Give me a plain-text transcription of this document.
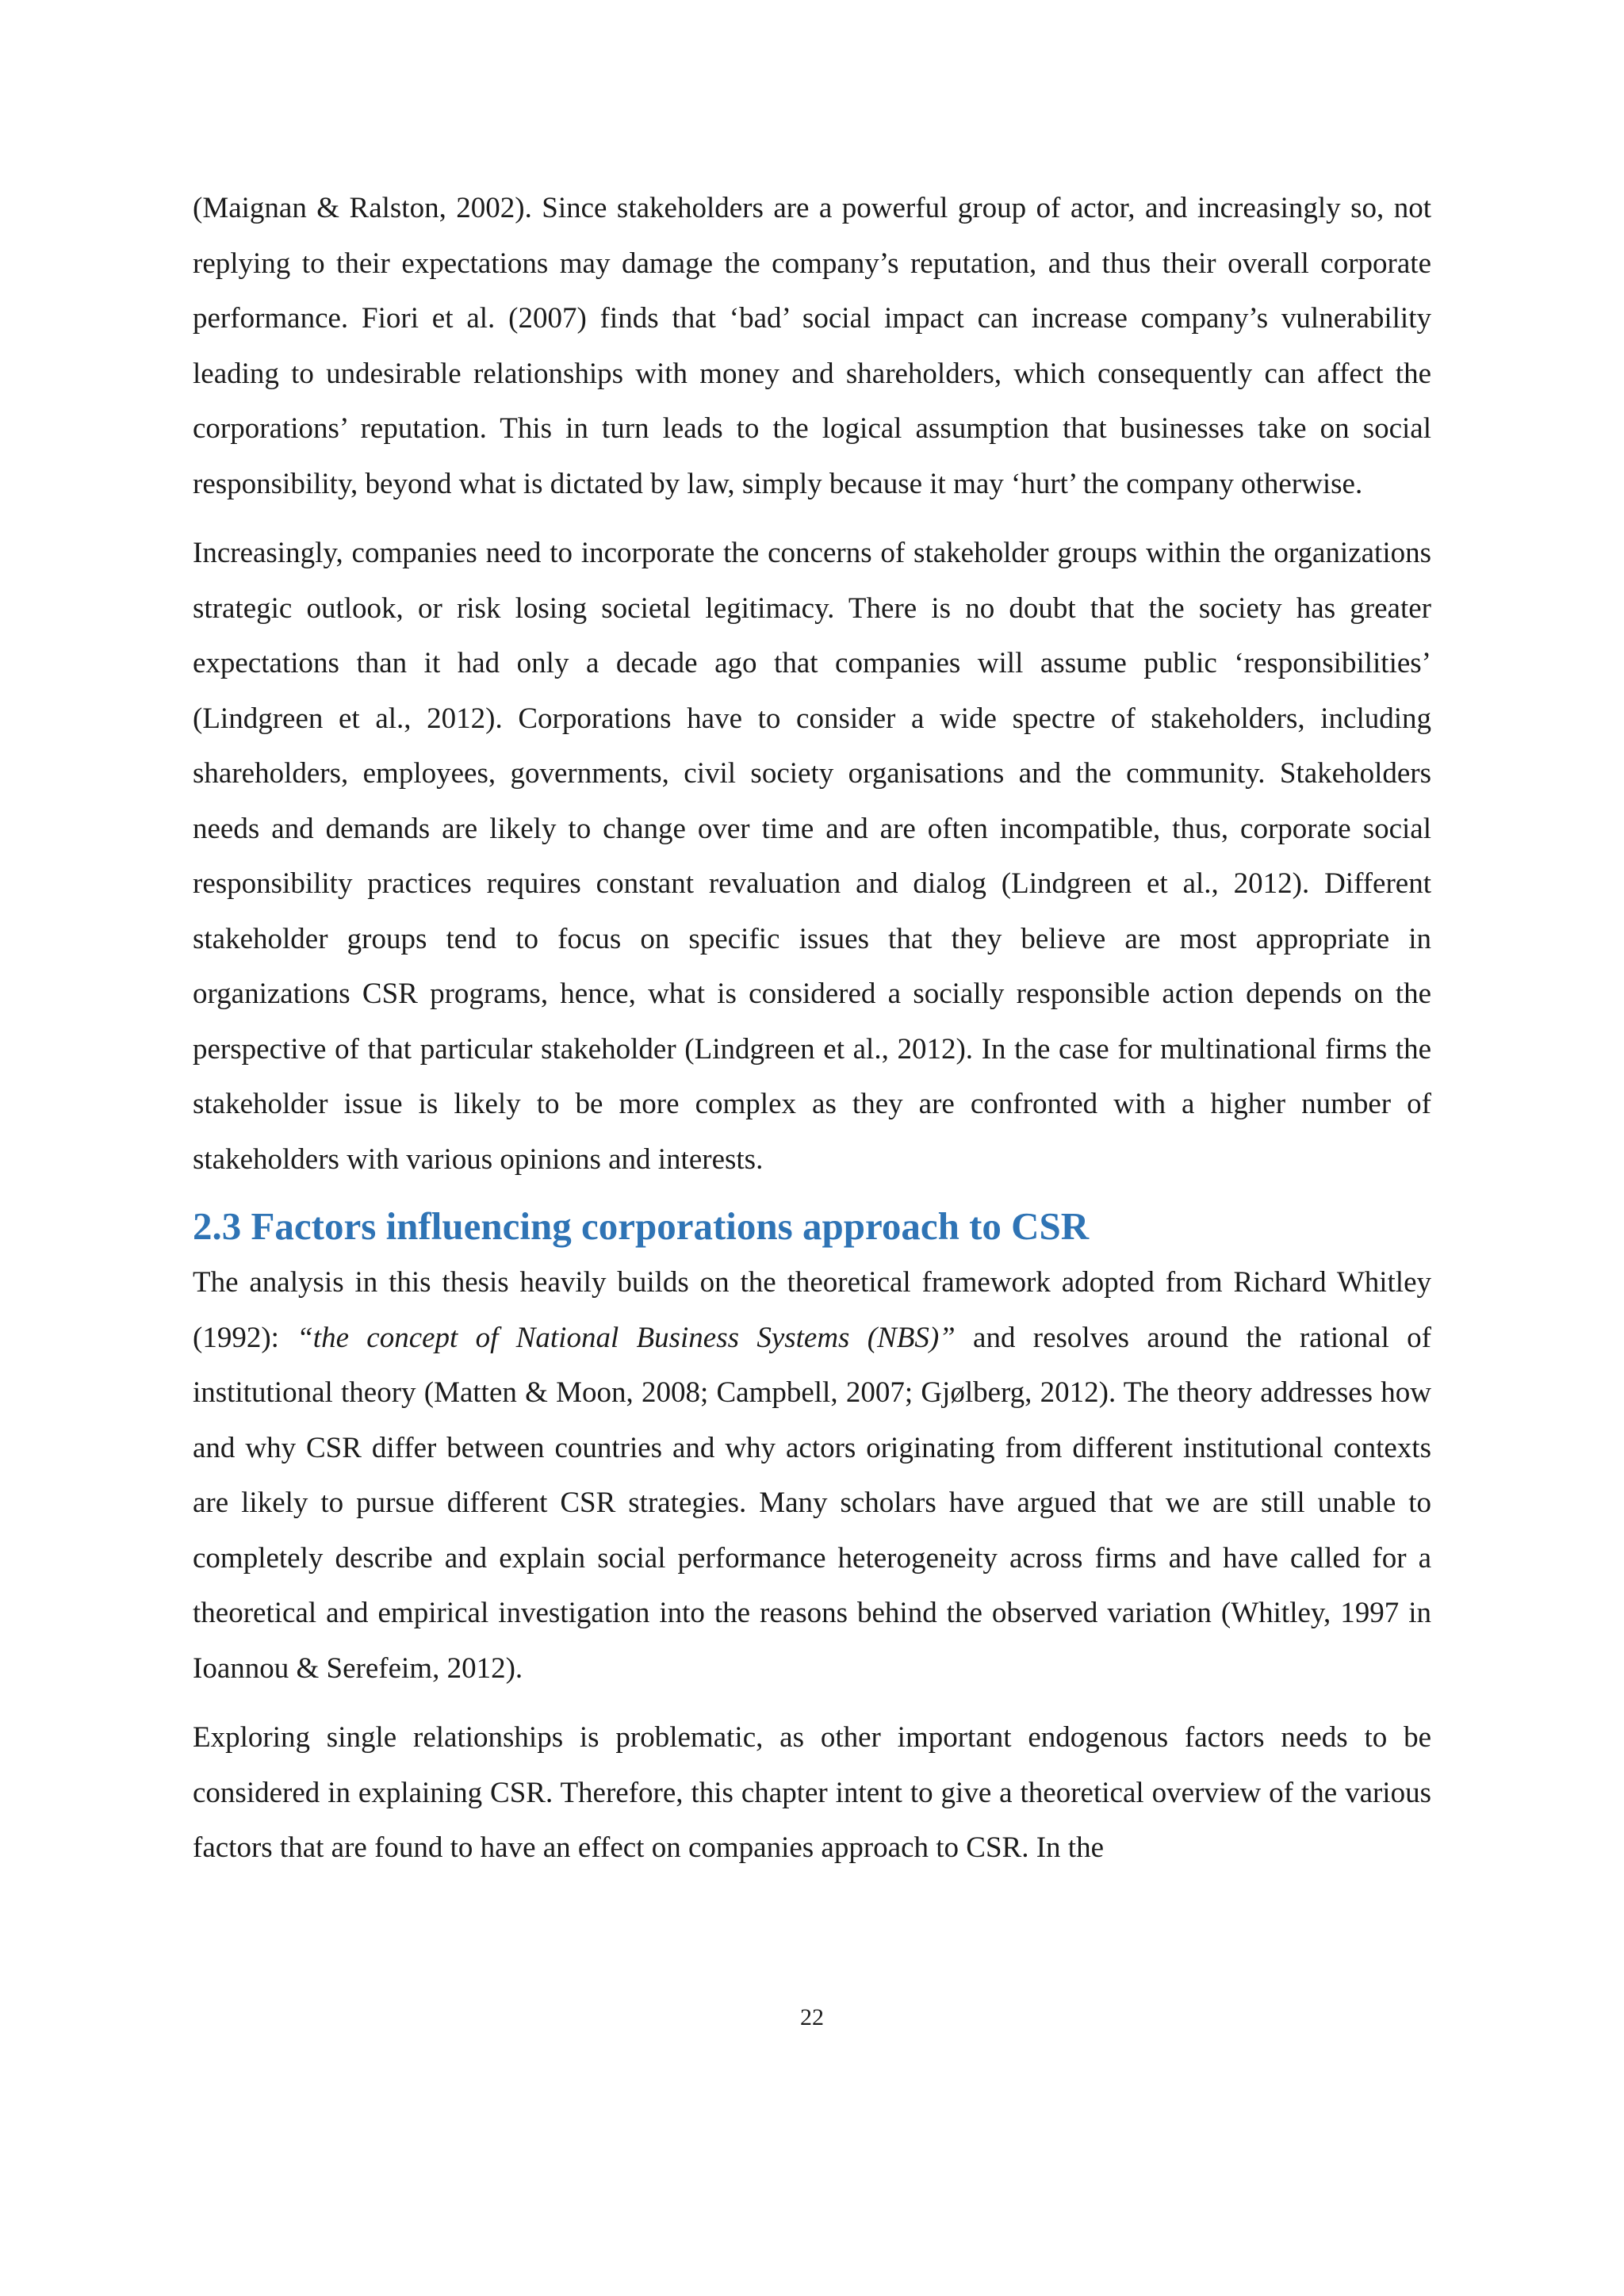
(Maignan & Ralston, 2002). Since stakeholders are a powerful group of actor, and increasingly so, not replying to their expectations may damage the company’s reputation, and thus their overall corporate performance. Fiori et al. (2007) finds that ‘bad’ social impact can increase company’s vulnerability leading to undesirable relationships with money and shareholders, which consequently can affect the corporations’ reputation. This in turn leads to the logical assumption that businesses take on social responsibility, beyond what is dictated by law, simply because it may ‘hurt’ the company otherwise.

Increasingly, companies need to incorporate the concerns of stakeholder groups within the organizations strategic outlook, or risk losing societal legitimacy. There is no doubt that the society has greater expectations than it had only a decade ago that companies will assume public ‘responsibilities’ (Lindgreen et al., 2012). Corporations have to consider a wide spectre of stakeholders, including shareholders, employees, governments, civil society organisations and the community. Stakeholders needs and demands are likely to change over time and are often incompatible, thus, corporate social responsibility practices requires constant revaluation and dialog (Lindgreen et al., 2012). Different stakeholder groups tend to focus on specific issues that they believe are most appropriate in organizations CSR programs, hence, what is considered a socially responsible action depends on the perspective of that particular stakeholder (Lindgreen et al., 2012). In the case for multinational firms the stakeholder issue is likely to be more complex as they are confronted with a higher number of stakeholders with various opinions and interests.

2.3 Factors influencing corporations approach to CSR

The analysis in this thesis heavily builds on the theoretical framework adopted from Richard Whitley (1992): “the concept of National Business Systems (NBS)” and resolves around the rational of institutional theory (Matten & Moon, 2008; Campbell, 2007; Gjølberg, 2012). The theory addresses how and why CSR differ between countries and why actors originating from different institutional contexts are likely to pursue different CSR strategies. Many scholars have argued that we are still unable to completely describe and explain social performance heterogeneity across firms and have called for a theoretical and empirical investigation into the reasons behind the observed variation (Whitley, 1997 in Ioannou & Serefeim, 2012).

Exploring single relationships is problematic, as other important endogenous factors needs to be considered in explaining CSR. Therefore, this chapter intent to give a theoretical overview of the various factors that are found to have an effect on companies approach to CSR. In the

22
